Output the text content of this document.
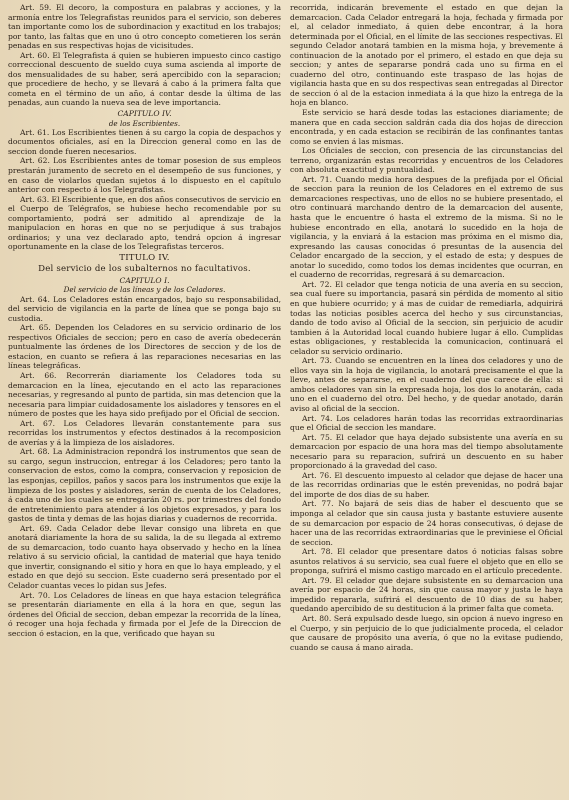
Art. 59. El decoro, la compostura en palabras y acciones, y la armonía entre los Telegrafistas reunidos para el servicio, son deberes tan importante como los de subordinacion y exactitud en los trabajos; por tanto, las faltas que en uno ú otro concepto cometieren los serán penadas en sus respectivas hojas de vicisitudes.

Art. 60. El Telegrafista á quien se hubieren impuesto cinco castigo correccional descuento de sueldo cuya suma ascienda al importe de dos mensualidades de su haber, será apercibido con la separacion; que procediere de hecho, y se llevará á cabo á la primera falta que cometa en el término de un año, á contar desde la última de las penadas, aun cuando la nueva sea de leve importancia.

CAPITULO IV.
de los Escribientes.

Art. 61. Los Escribientes tienen á su cargo la copia de despachos y documentos oficiales, así en la Direccion general como en las de seccion donde fueren necesarios.

Art. 62. Los Escribientes antes de tomar posesion de sus empleos prestarán juramento de secreto en el desempeño de sus funciones, y en caso de violarlos quedan sujetos á lo dispuesto en el capítulo anterior con respecto á los Telegrafistas.

Art. 63. El Escribiente que, en dos años consecutivos de servicio en el Cuerpo de Telégrafos, se hubiese hecho recomendable por su comportamiento, podrá ser admitido al aprendizaje de la manipulacion en horas en que no se perjudique á sus trabajos ordinarios; y una vez declarado apto, tendrá opcion á ingresar oportunamente en la clase de los Telegrafistas terceros.

TITULO IV.
Del servicio de los subalternos no facultativos.
CAPITULO I.
Del servicio de las líneas y de los Celadores.

Art. 64. Los Celadores están encargados, bajo su responsabilidad, del servicio de vigilancia en la parte de línea que se ponga bajo su custodia.

Art. 65. Dependen los Celadores en su servicio ordinario de los respectivos Oficiales de seccion; pero en caso de avería obedecerán puntualmente las órdenes de los Directores de seccion y de los de estacion, en cuanto se refiera á las reparaciones necesarias en las líneas telegráficas.

Art. 66. Recorrerán diariamente los Celadores toda su demarcacion en la línea, ejecutando en el acto las reparaciones necesarias, y regresando al punto de partida, sin mas detencion que la necesaria para limpiar cuidadosamente los aisladores y tensores en el número de postes que les haya sido prefijado por el Oficial de seccion.

Art. 67. Los Celadores llevarán constantemente para sus recorridas los instrumentos y efectos destinados á la recomposicion de averías y á la limpieza de los aisladores.

Art. 68. La Administracion repondrá los instrumentos que sean de su cargo, segun instruccion, entregar á los Celadores; pero tanto la conservacion de estos, como la compra, conservacion y reposicion de las esponjas, cepillos, paños y sacos para los instrumentos que exije la limpieza de los postes y aisladores, serán de cuenta de los Celadores, á cada uno de los cuales se entregarán 20 rs. por trimestres del fondo de entretenimiento para atender á los objetos expresados, y para los gastos de tinta y demas de las hojas diarias y cuadernos de recorrida.

Art. 69. Cada Celador debe llevar consigo una libreta en que anotará diariamente la hora de su salida, la de su llegada al extremo de su demarcacion, todo cuanto haya observado y hecho en la línea relativo á su servicio oficial, la cantidad de material que haya tenido que invertir, consignando el sitio y hora en que lo haya empleado, y el estado en que dejó su seccion. Este cuaderno será presentado por el Celador cuantas veces lo pidan sus Jefes.

Art. 70. Los Celadores de líneas en que haya estacion telegráfica se presentarán diariamente en ella á la hora en que, segun las órdenes del Oficial de seccion, deban empezar la recorrida de la línea, ó recoger una hoja fechada y firmada por el Jefe de la Direccion de seccion ó estacion, en la que, verificado que hayan su

recorrida, indicarán brevemente el estado en que dejan la demarcacion. Cada Celador entregará la hoja, fechada y firmada por el, al celador inmediato, á quien debe encontrar, á la hora determinada por el Oficial, en el límite de las secciones respectivas. El segundo Celador anotará tambien en la misma hoja, y brevemente á continuacion de la anotado por el primero, el estado en que deja su seccion; y antes de separarse pondrá cada uno su firma en el cuaderno del otro, continuando este traspaso de las hojas de vigilancia hasta que en su dos respectivas sean entregadas al Director de seccion ó al de la estacion inmediata á la que hizo la entrega de la hoja en blanco.

Este servicio se hará desde todas las estaciones diariamente; de manera que en cada seccion saldrán cada dia dos hojas de direccion encontrada, y en cada estacion se recibirán de las confinantes tantas como se envien á las mismas.

Los Oficiales de seccion, con presencia de las circunstancias del terreno, organizarán estas recorridas y encuentros de los Celadores con absoluta exactitud y puntualidad.

Art. 71. Cuando media hora despues de la prefijada por el Oficial de seccion para la reunion de los Celadores en el extremo de sus demarcaciones respectivas, uno de ellos no se hubiere presentado, el otro continuará marchando dentro de la demarcacion del ausente, hasta que le encuentre ó hasta el extremo de la misma. Si no le hubiese encontrado en ella, anotará lo sucedido en la hoja de vigilancia, y la enviará á la estacion mas próxima en el mismo dia, expresando las causas conocidas ó presuntas de la ausencia del Celador encargado de la seccion, y el estado de esta; y despues de anotar lo sucedido, como todos los demas incidentes que ocurran, en el cuaderno de recorridas, regresará á su demarcacion.

Art. 72. El celador que tenga noticia de una avería en su seccion, sea cual fuere su importancia, pasará sin pérdida de momento al sitio en que hubiere ocurrido; y á mas de cuidar de remediarla, adquirirá todas las noticias posibles acerca del hecho y sus circunstancias, dando de todo aviso al Oficial de la seccion, sin perjuicio de acudir tambien á la Autoridad local cuando hubiere lugar á ello. Cumplidas estas obligaciones, y restablecida la comunicacion, continuará el celador su servicio ordinario.

Art. 73. Cuando se encuentren en la línea dos celadores y uno de ellos vaya sin la hoja de vigilancia, lo anotará precisamente el que la lleve, antes de separarse, en el cuaderno del que carece de ella: si ambos celadores van sin la expresada hoja, los dos lo anotarán, cada uno en el cuaderno del otro. Del hecho, y de quedar anotado, darán aviso al oficial de la seccion.

Art. 74. Los celadores harán todas las recorridas extraordinarias que el Oficial de seccion les mandare.

Art. 75. El celador que haya dejado subsistente una avería en su demarcacion por espacio de una hora mas del tiempo absolutamente necesario para su reparacion, sufrirá un descuento en su haber proporcionado á la gravedad del caso.

Art. 76. El descuento impuesto al celador que dejase de hacer una de las recorridas ordinarias que le estén prevenidas, no podrá bajar del importe de dos dias de su haber.

Art. 77. No bajará de seis dias de haber el descuento que se imponga al celador que sin causa justa y bastante estuviere ausente de su demarcacion por espacio de 24 horas consecutivas, ó dejase de hacer una de las recorridas extraordinarias que le previniese el Oficial de seccion.

Art. 78. El celador que presentare datos ó noticias falsas sobre asuntos relativos á su servicio, sea cual fuere el objeto que en ello se proponga, sufrirá el mismo castigo marcado en el artículo precedente.

Art. 79. El celador que dejare subsistente en su demarcacion una avería por espacio de 24 horas, sin que causa mayor y justa le haya impedido repararla, sufrirá el descuento de 10 dias de su haber, quedando apercibido de su destitucion á la primer falta que cometa.

Art. 80. Será expulsado desde luego, sin opcion á nuevo ingreso en el Cuerpo, y sin perjuicio de lo que judicialmente proceda, el celador que causare de propósito una avería, ó que no la evitase pudiendo, cuando se causa á mano airada.
